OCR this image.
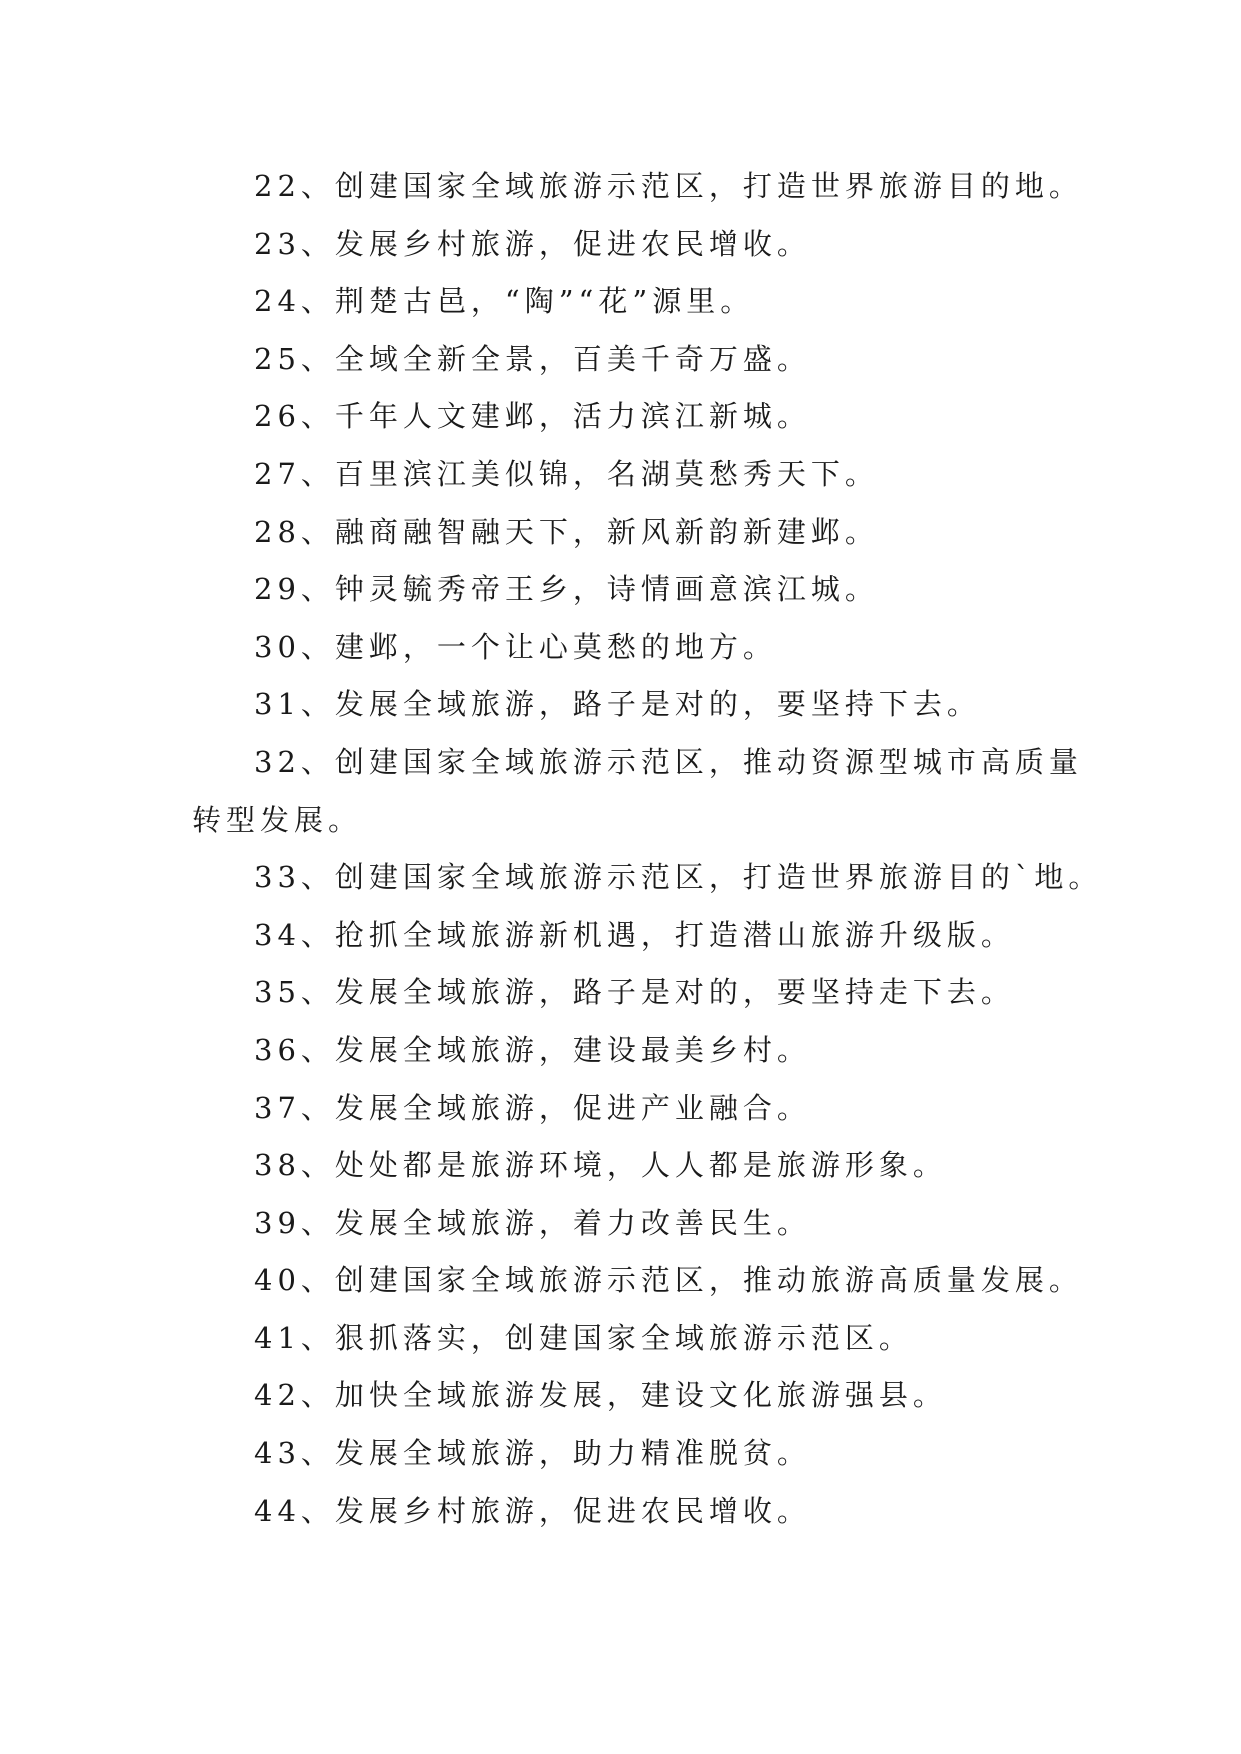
22、创建国家全域旅游示范区，打造世界旅游目的地。
23、发展乡村旅游，促进农民增收。
24、荆楚古邑，“陶”“花”源里。
25、全域全新全景，百美千奇万盛。
26、千年人文建邺，活力滨江新城。
27、百里滨江美似锦，名湖莫愁秀天下。
28、融商融智融天下，新风新韵新建邺。
29、钟灵毓秀帝王乡，诗情画意滨江城。
30、建邺，一个让心莫愁的地方。
31、发展全域旅游，路子是对的，要坚持下去。
32、创建国家全域旅游示范区，推动资源型城市高质量
转型发展。
33、创建国家全域旅游示范区，打造世界旅游目的`地。
34、抢抓全域旅游新机遇，打造潜山旅游升级版。
35、发展全域旅游，路子是对的，要坚持走下去。
36、发展全域旅游，建设最美乡村。
37、发展全域旅游，促进产业融合。
38、处处都是旅游环境，人人都是旅游形象。
39、发展全域旅游，着力改善民生。
40、创建国家全域旅游示范区，推动旅游高质量发展。
41、狠抓落实，创建国家全域旅游示范区。
42、加快全域旅游发展，建设文化旅游强县。
43、发展全域旅游，助力精准脱贫。
44、发展乡村旅游，促进农民增收。
